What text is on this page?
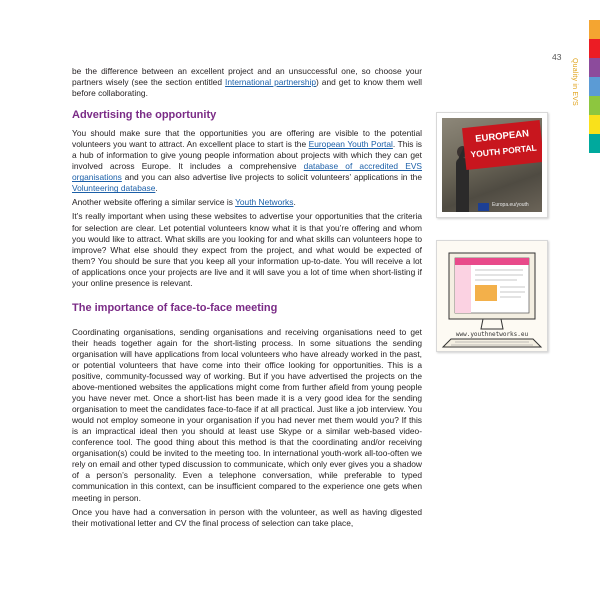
43
Quality in EVS

be the difference between an excellent project and an unsuccessful one, so choose your partners wisely (see the section entitled International partnership) and get to know them well before collaborating.

Advertising the opportunity

You should make sure that the opportunities you are offering are visible to the potential volunteers you want to attract. An excellent place to start is the European Youth Portal. This is a hub of information to give young people information about projects with which they can get involved across Europe. It includes a comprehensive database of accredited EVS organisations and you can also advertise live projects to solicit volunteers’ applications in the Volunteering database.

Another website offering a similar service is Youth Networks.

It’s really important when using these websites to advertise your opportunities that the criteria for selection are clear. Let potential volunteers know what it is that you’re offering and whom you would like to attract. What skills are you looking for and what skills can volunteers hope to improve? What else should they expect from the project, and what would be expected of them? You should be sure that you keep all your information up-to-date. You will receive a lot of applications once your projects are live and it will save you a lot of time when short-listing if your online presence is relevant.

The importance of face-to-face meeting

Coordinating organisations, sending organisations and receiving organisations need to get their heads together again for the short-listing process. In some situations the sending organisation will have applications from local volunteers who have already worked in the past, or potential volunteers that have come into their office looking for opportunities. This is a positive, community-focussed way of working. But if you have advertised the projects on the above-mentioned websites the applications might come from further afield from young people you have never met. Once a short-list has been made it is a very good idea for the sending organisation to meet the candidates face-to-face if at all practical. Just like a job interview. You would not employ someone in your organisation if you had never met them would you? If this is an impractical ideal then you should at least use Skype or a similar web-based video-conference tool. The good thing about this method is that the coordinating and/or receiving organisation(s) could be invited to the meeting too. In international youth-work all-too-often we rely on email and other typed discussion to communicate, which only ever gives you a shadow of a person’s personality. Even a telephone conversation, while preferable to typed communication in this context, can be insufficient compared to the experience one gets when meeting in person.

Once you have had a conversation in person with the volunteer, as well as having digested their motivational letter and CV the final process of selection can take place,

EUROPEAN
YOUTH PORTAL
Europa.eu/youth
www.youthnetworks.eu
